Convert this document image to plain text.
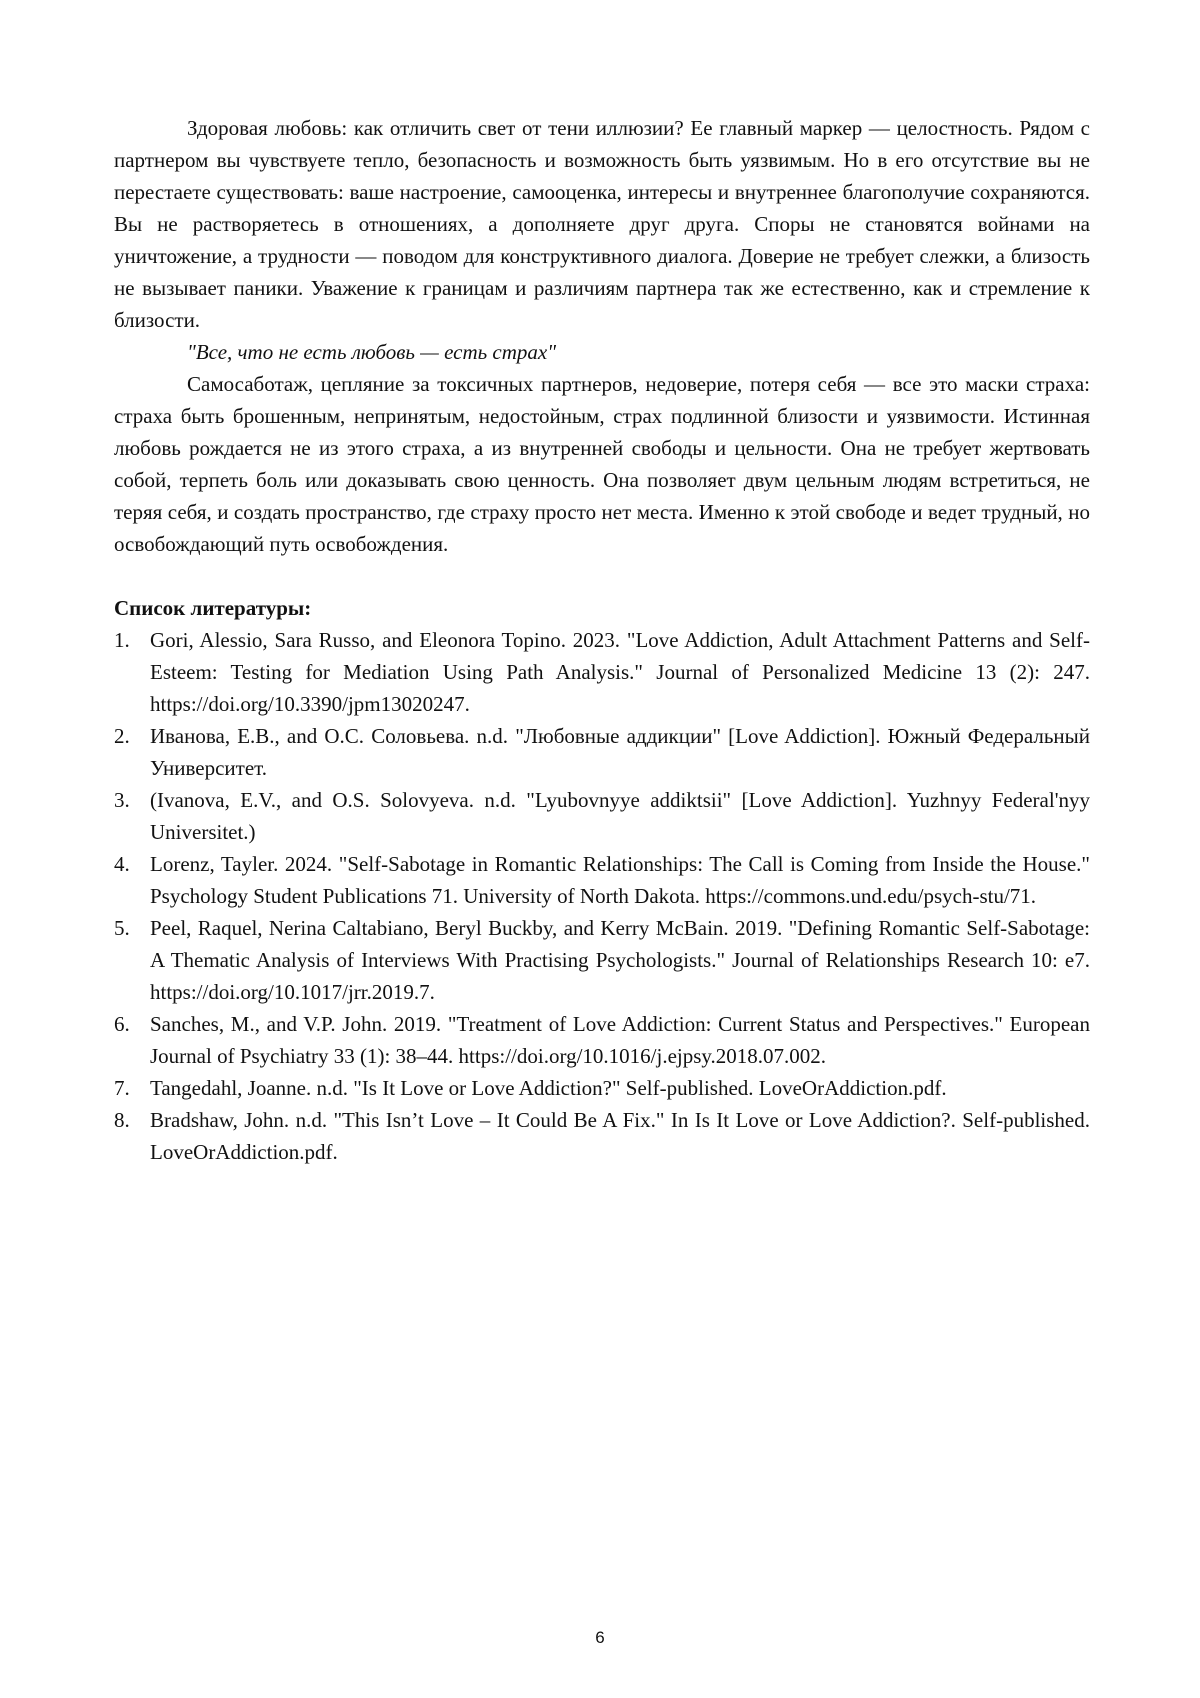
Здоровая любовь: как отличить свет от тени иллюзии? Ее главный маркер — целостность. Рядом с партнером вы чувствуете тепло, безопасность и возможность быть уязвимым. Но в его отсутствие вы не перестаете существовать: ваше настроение, самооценка, интересы и внутреннее благополучие сохраняются. Вы не растворяетесь в отношениях, а дополняете друг друга. Споры не становятся войнами на уничтожение, а трудности — поводом для конструктивного диалога. Доверие не требует слежки, а близость не вызывает паники. Уважение к границам и различиям партнера так же естественно, как и стремление к близости.

"Все, что не есть любовь — есть страх"

Самосаботаж, цепляние за токсичных партнеров, недоверие, потеря себя — все это маски страха: страха быть брошенным, непринятым, недостойным, страх подлинной близости и уязвимости. Истинная любовь рождается не из этого страха, а из внутренней свободы и цельности. Она не требует жертвовать собой, терпеть боль или доказывать свою ценность. Она позволяет двум цельным людям встретиться, не теряя себя, и создать пространство, где страху просто нет места. Именно к этой свободе и ведет трудный, но освобождающий путь освобождения.

Список литературы:

1. Gori, Alessio, Sara Russo, and Eleonora Topino. 2023. "Love Addiction, Adult Attachment Patterns and Self-Esteem: Testing for Mediation Using Path Analysis." Journal of Personalized Medicine 13 (2): 247. https://doi.org/10.3390/jpm13020247.
2. Иванова, Е.В., and О.С. Соловьева. n.d. "Любовные аддикции" [Love Addiction]. Южный Федеральный Университет.
3. (Ivanova, E.V., and O.S. Solovyeva. n.d. "Lyubovnyye addiktsii" [Love Addiction]. Yuzhnyy Federal'nyy Universitet.)
4. Lorenz, Tayler. 2024. "Self-Sabotage in Romantic Relationships: The Call is Coming from Inside the House." Psychology Student Publications 71. University of North Dakota. https://commons.und.edu/psych-stu/71.
5. Peel, Raquel, Nerina Caltabiano, Beryl Buckby, and Kerry McBain. 2019. "Defining Romantic Self-Sabotage: A Thematic Analysis of Interviews With Practising Psychologists." Journal of Relationships Research 10: e7. https://doi.org/10.1017/jrr.2019.7.
6. Sanches, M., and V.P. John. 2019. "Treatment of Love Addiction: Current Status and Perspectives." European Journal of Psychiatry 33 (1): 38–44. https://doi.org/10.1016/j.ejpsy.2018.07.002.
7. Tangedahl, Joanne. n.d. "Is It Love or Love Addiction?" Self-published. LoveOrAddiction.pdf.
8. Bradshaw, John. n.d. "This Isn’t Love – It Could Be A Fix." In Is It Love or Love Addiction?. Self-published. LoveOrAddiction.pdf.
6
